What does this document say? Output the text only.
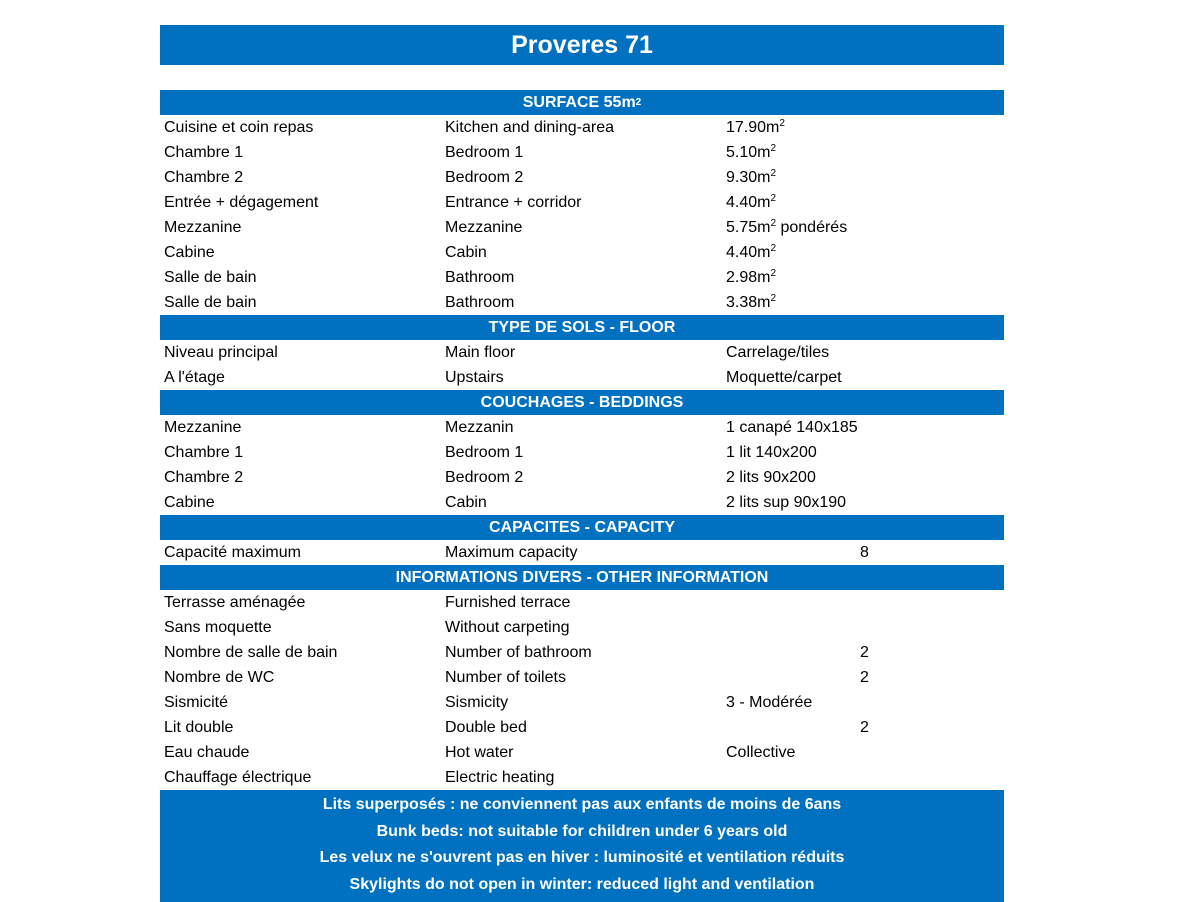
Proveres 71
SURFACE 55m 2
Cuisine et coin repas	Kitchen and dining-area	$17.90m^2$
Chambre 1	Bedroom 1	$5.10m^2$
Chambre 2	Bedroom 2	$9.30m^2$
Entrée + dégagement	Entrance + corridor	$4.40m^2$
Mezzanine	Mezzanine	$5.75m^2$ pondérés
Cabine	Cabin	$4.40m^2$
Salle de bain	Bathroom	$2.98m^2$
Salle de bain	Bathroom	$3.38m^2$
TYPE DE SOLS - FLOOR
Niveau principal	Main floor	Carrelage/tiles
A l'étage	Upstairs	Moquette/carpet
COUCHAGES - BEDDINGS
Mezzanine	Mezzanin	1 canapé 140x185
Chambre 1	Bedroom 1	1 lit 140x200
Chambre 2	Bedroom 2	2 lits 90x200
Cabine	Cabin	2 lits sup 90x190
CAPACITES - CAPACITY
Capacité maximum	Maximum capacity	8
INFORMATIONS DIVERS - OTHER INFORMATION
Terrasse aménagée	Furnished terrace
Sans moquette	Without carpeting
Nombre de salle de bain	Number of bathroom	2
Nombre de WC	Number of toilets	2
Sismicité	Sismicity	3 - Modérée
Lit double	Double bed	2
Eau chaude	Hot water	Collective
Chauffage électrique	Electric heating
Lits superposés : ne conviennent pas aux enfants de moins de 6ans
Bunk beds: not suitable for children under 6 years old
Les velux ne s'ouvrent pas en hiver : luminosité et ventilation réduits
Skylights do not open in winter: reduced light and ventilation
